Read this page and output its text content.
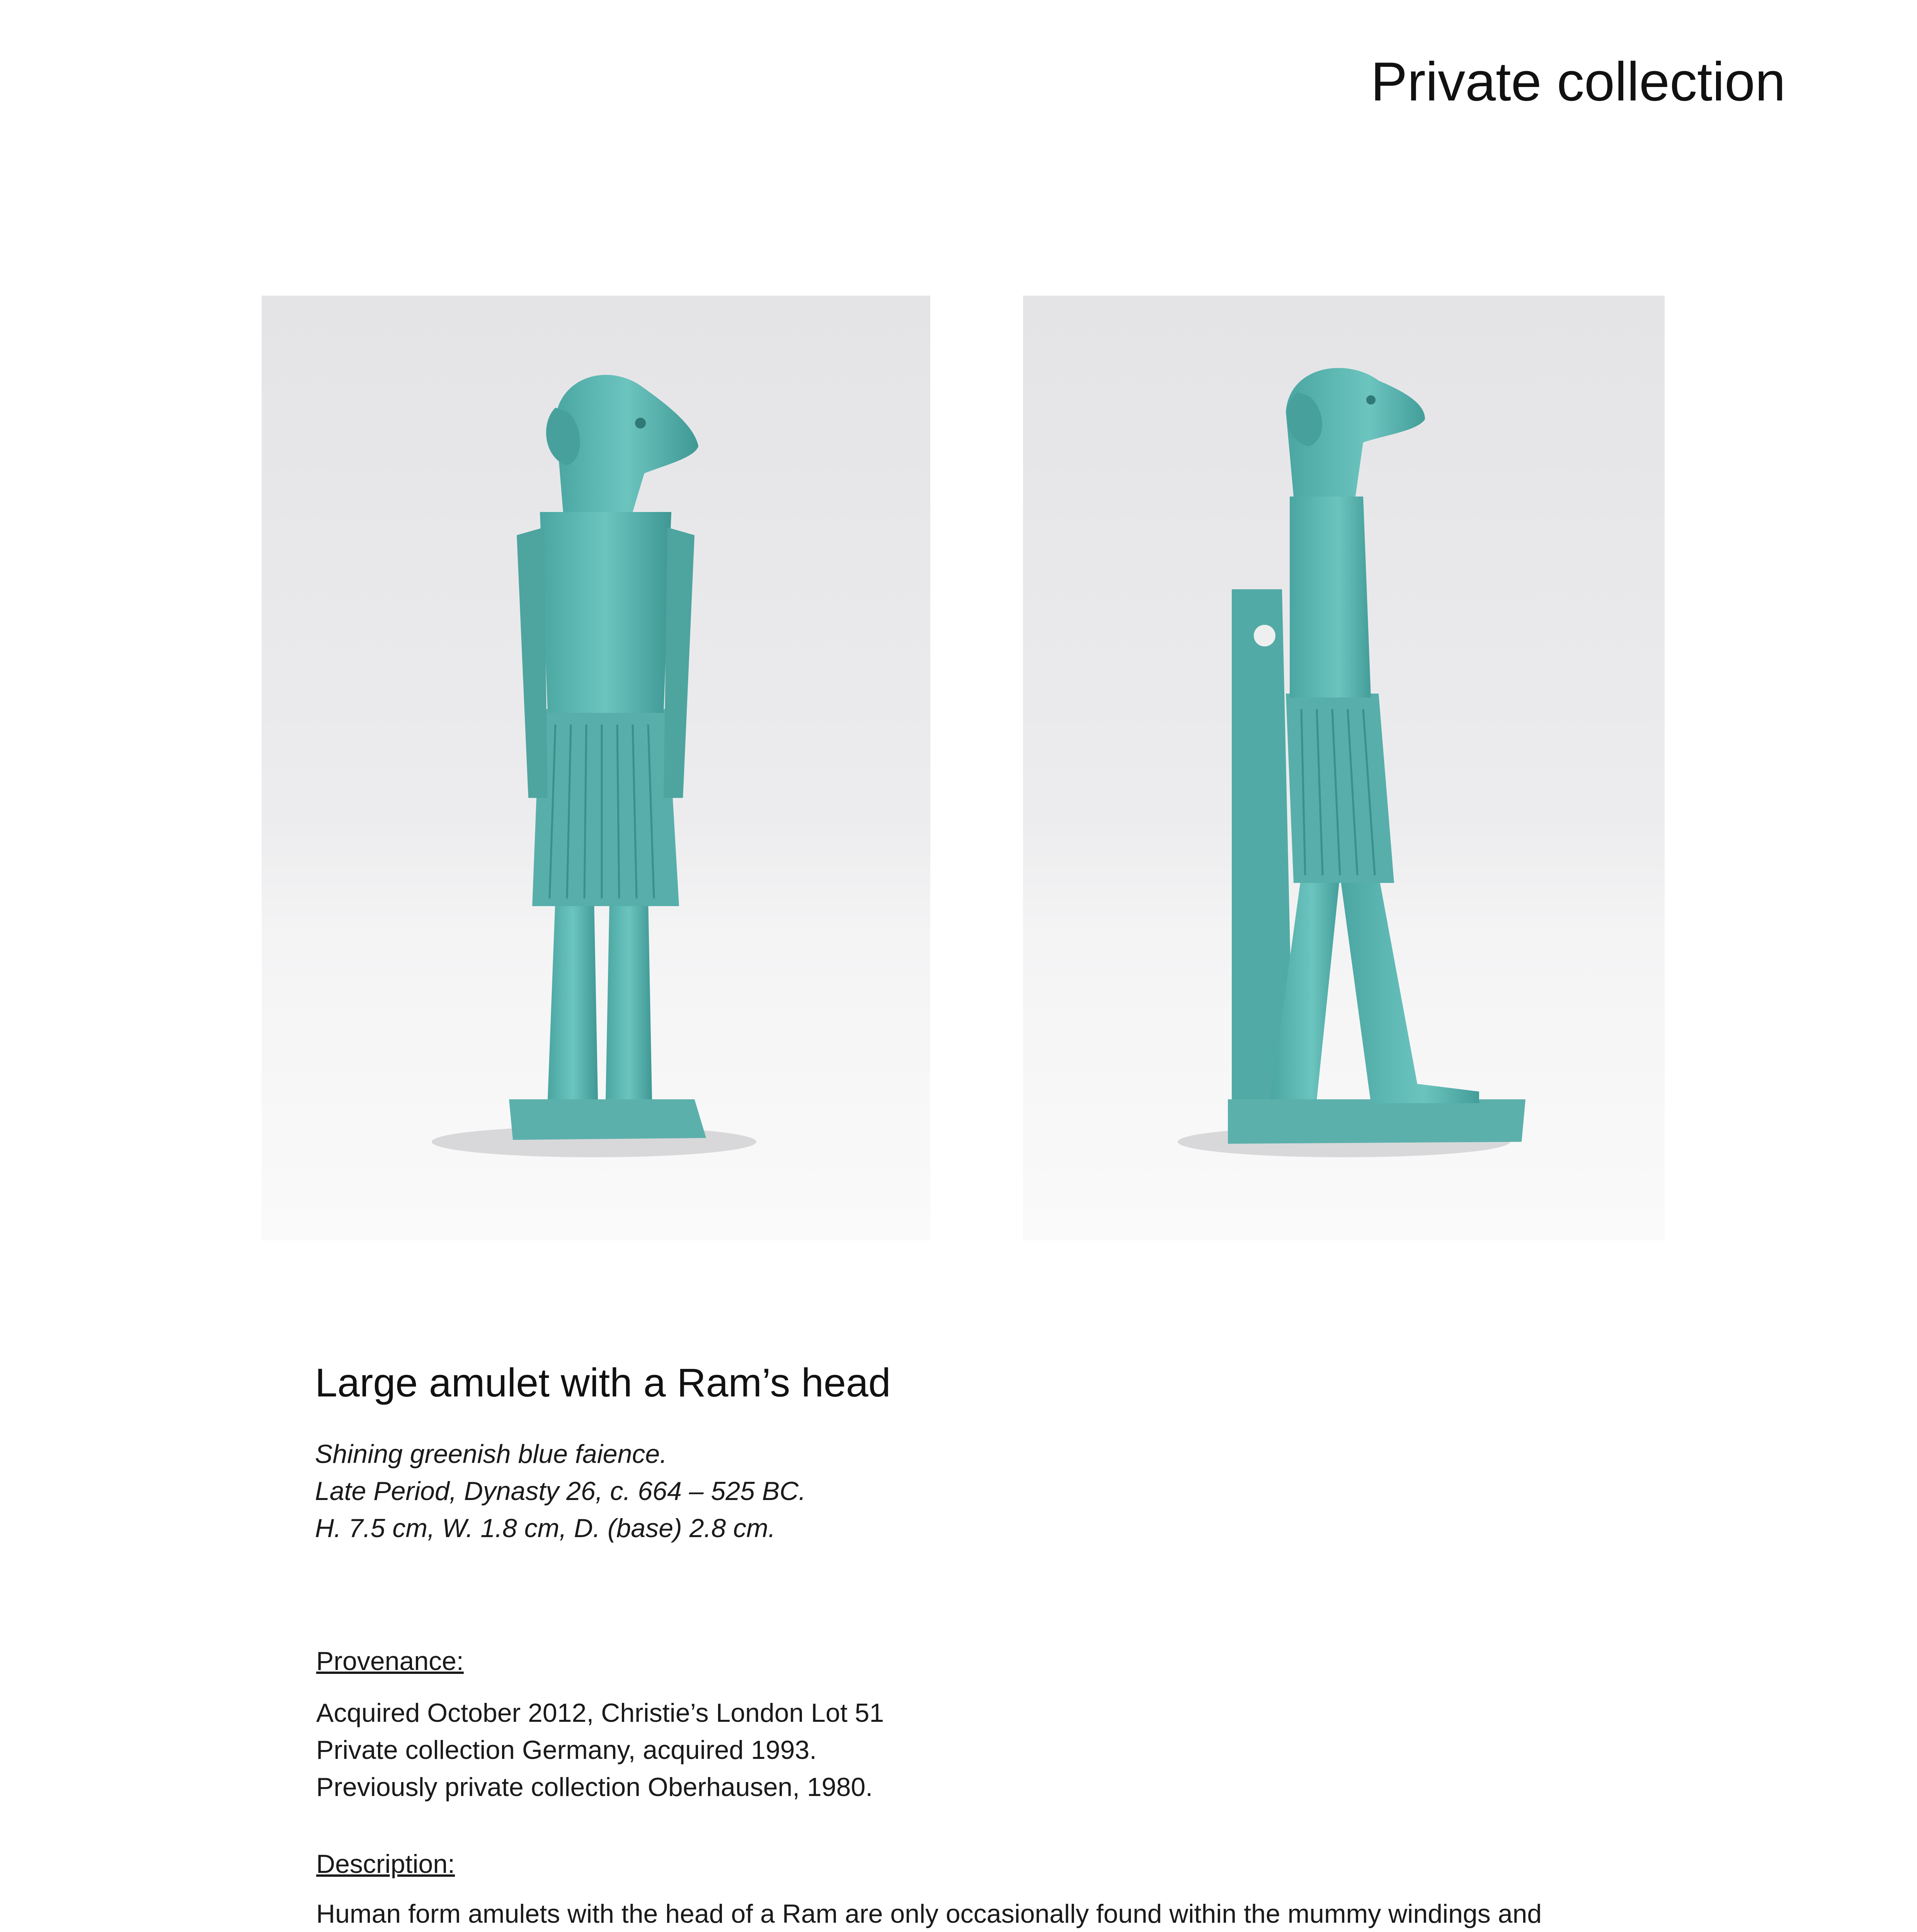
Private collection
Large amulet with a Ram’s head
Shining greenish blue faience.
Late Period, Dynasty 26, c. 664 – 525 BC.
H. 7.5 cm, W. 1.8 cm, D. (base) 2.8 cm.
Provenance:
Acquired October 2012, Christie’s London Lot 51
Private collection Germany, acquired 1993.
Previously private collection Oberhausen, 1980.
Description:
Human form amulets with the head of a Ram are only occasionally found within the mummy windings and
